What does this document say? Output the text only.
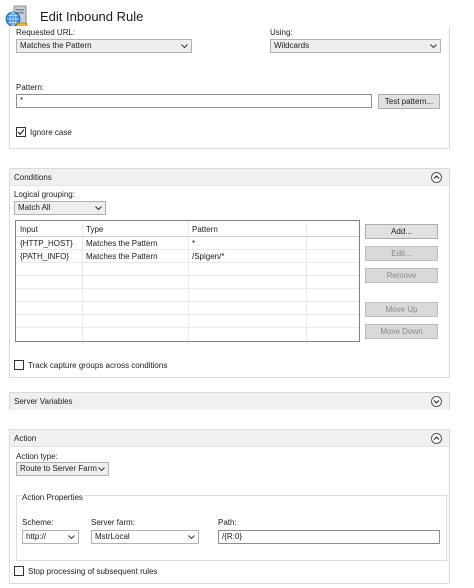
Edit Inbound Rule
Requested URL:
Matches the Pattern
Using:
Wildcards
Pattern:
*	Test pattern...
Ignore case
Conditions
Logical grouping:
Match All
Input	Type	Pattern
{HTTP_HOST} Matches the Pattern	*
{PATH_INFO} Matches the Pattern	/Spigen/*
Add...
Edit...
Remove
Move Up
Move Down
Track capture groups across conditions
Server Variables
Action
Action type:
Route to Server Farm
Action Properties
Scheme:
http://
Server farm:
MstrLocal
Path:
/{R:0}
Stop processing of subsequent rules
